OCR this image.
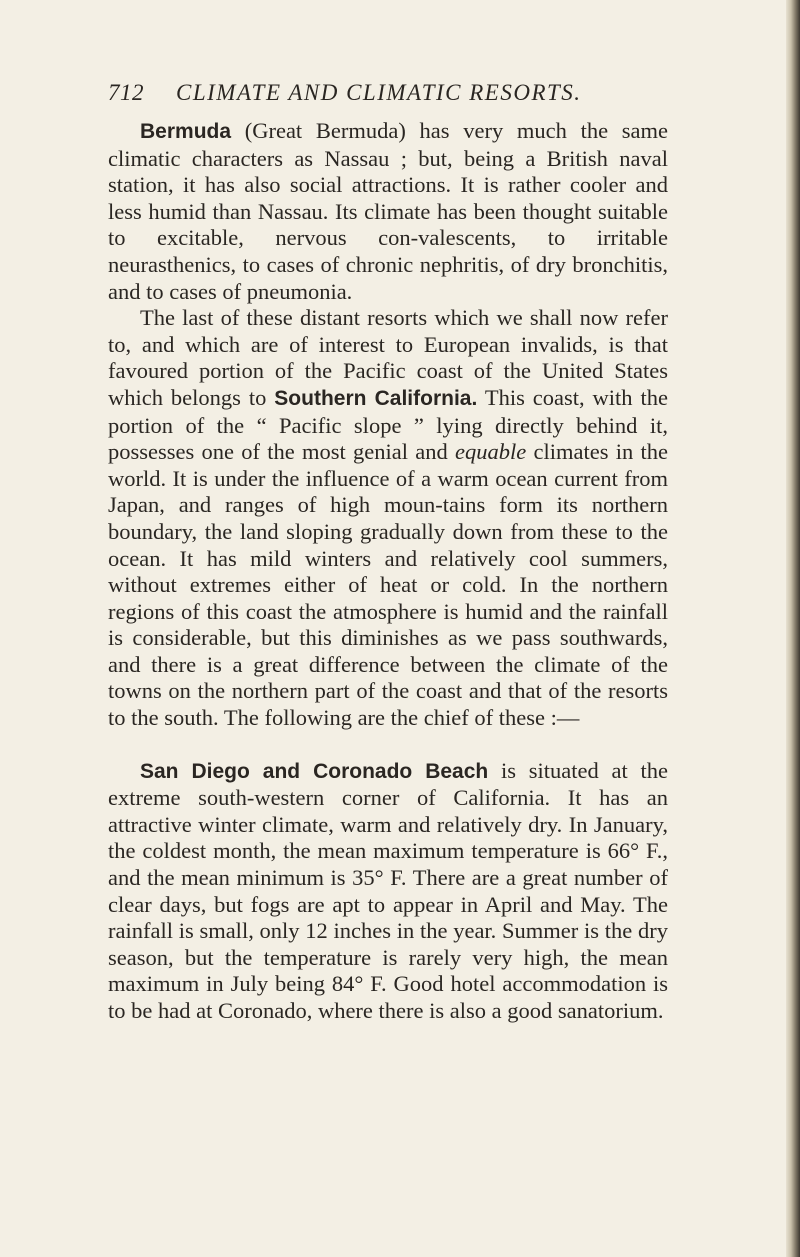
712 CLIMATE AND CLIMATIC RESORTS.

Bermuda (Great Bermuda) has very much the same climatic characters as Nassau ; but, being a British naval station, it has also social attractions. It is rather cooler and less humid than Nassau. Its climate has been thought suitable to excitable, nervous con-valescents, to irritable neurasthenics, to cases of chronic nephritis, of dry bronchitis, and to cases of pneumonia.

The last of these distant resorts which we shall now refer to, and which are of interest to European invalids, is that favoured portion of the Pacific coast of the United States which belongs to Southern California. This coast, with the portion of the “ Pacific slope ” lying directly behind it, possesses one of the most genial and equable climates in the world. It is under the influence of a warm ocean current from Japan, and ranges of high moun-tains form its northern boundary, the land sloping gradually down from these to the ocean. It has mild winters and relatively cool summers, without extremes either of heat or cold. In the northern regions of this coast the atmosphere is humid and the rainfall is considerable, but this diminishes as we pass southwards, and there is a great difference between the climate of the towns on the northern part of the coast and that of the resorts to the south. The following are the chief of these :—

San Diego and Coronado Beach is situated at the extreme south-western corner of California. It has an attractive winter climate, warm and relatively dry. In January, the coldest month, the mean maximum temperature is 66° F., and the mean minimum is 35° F. There are a great number of clear days, but fogs are apt to appear in April and May. The rainfall is small, only 12 inches in the year. Summer is the dry season, but the temperature is rarely very high, the mean maximum in July being 84° F. Good hotel accommodation is to be had at Coronado, where there is also a good sanatorium.
